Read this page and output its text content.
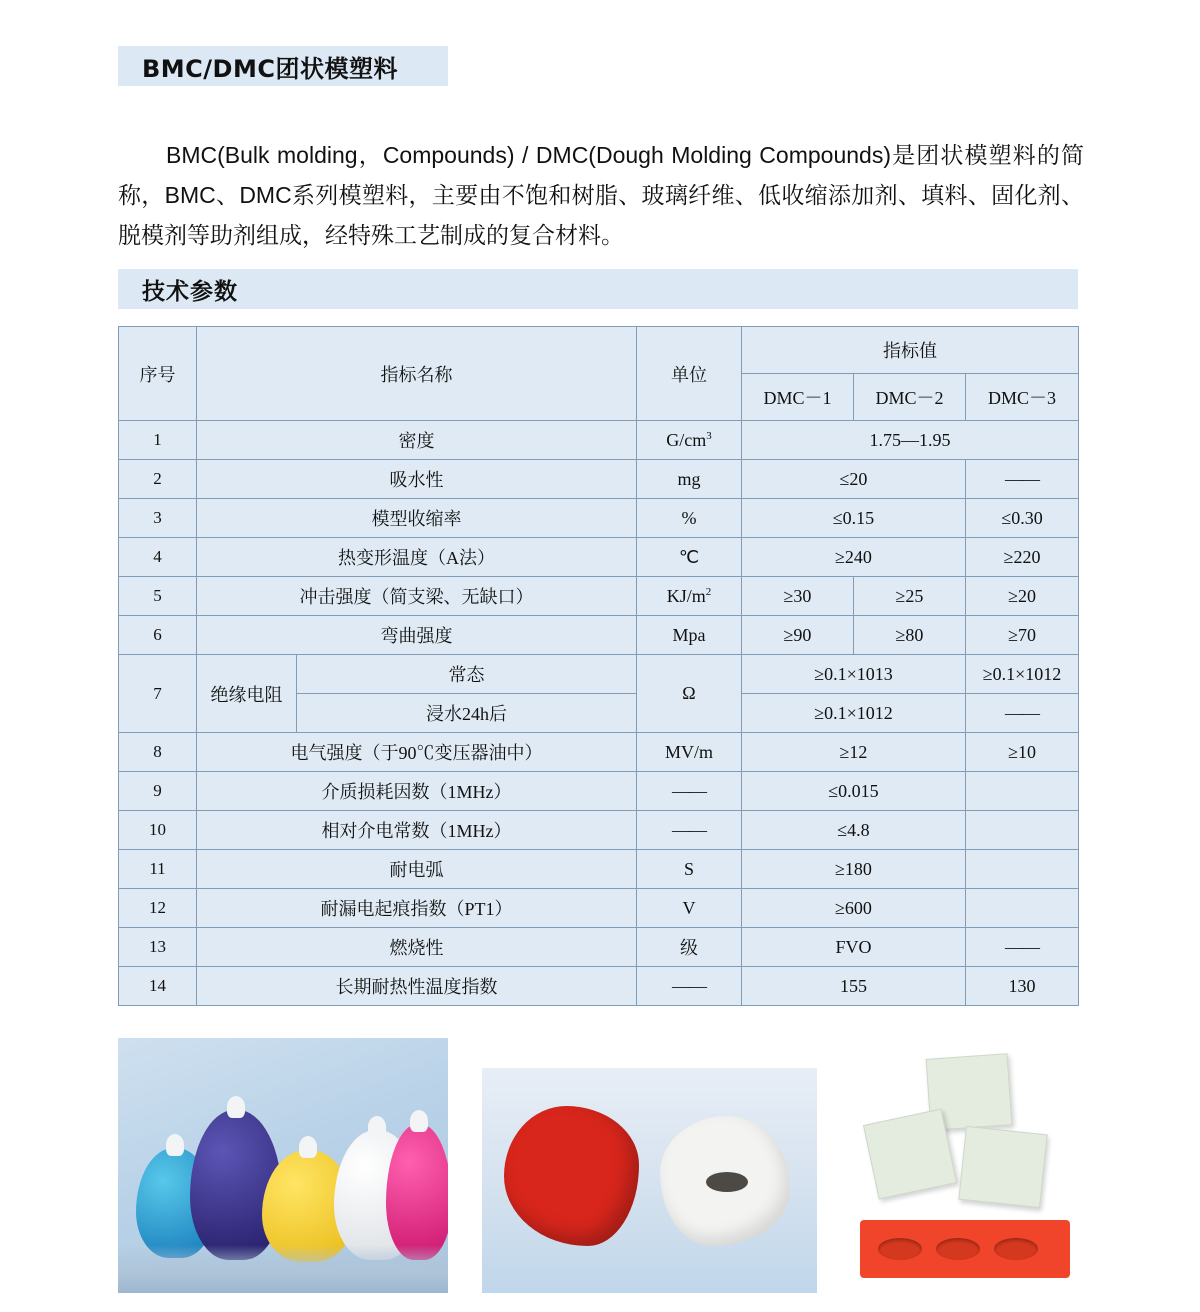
BMC/DMC团状模塑料

BMC(Bulk molding，Compounds) / DMC(Dough Molding Compounds)是团状模塑料的简称，BMC、DMC系列模塑料，主要由不饱和树脂、玻璃纤维、低收缩添加剂、填料、固化剂、脱模剂等助剂组成，经特殊工艺制成的复合材料。

技术参数
序号	指标名称		单位	指标值		
				DMC－1	DMC－2	DMC－3
1	密度		$G/cm^3$	1.75—1.95		
2	吸水性		mg	≤20		——
3	模型收缩率		%	≤0.15		≤0.30
4	热变形温度（A法）		℃	≥240		≥220
5	冲击强度（简支梁、无缺口）		$KJ/m^2$	≥30	≥25	≥20
6	弯曲强度		Mpa	≥90	≥80	≥70
7	绝缘电阻	常态	Ω	≥0.1×1013		≥0.1×1012
		浸水24h后		≥0.1×1012		——
8	电气强度（于90℃变压器油中）		MV/m	≥12		≥10
9	介质损耗因数（1MHz）		——	≤0.015		
10	相对介电常数（1MHz）		——	≤4.8		
11	耐电弧		S	≥180		
12	耐漏电起痕指数（PT1）		V	≥600		
13	燃烧性		级	FVO		——
14	长期耐热性温度指数		——	155		130
